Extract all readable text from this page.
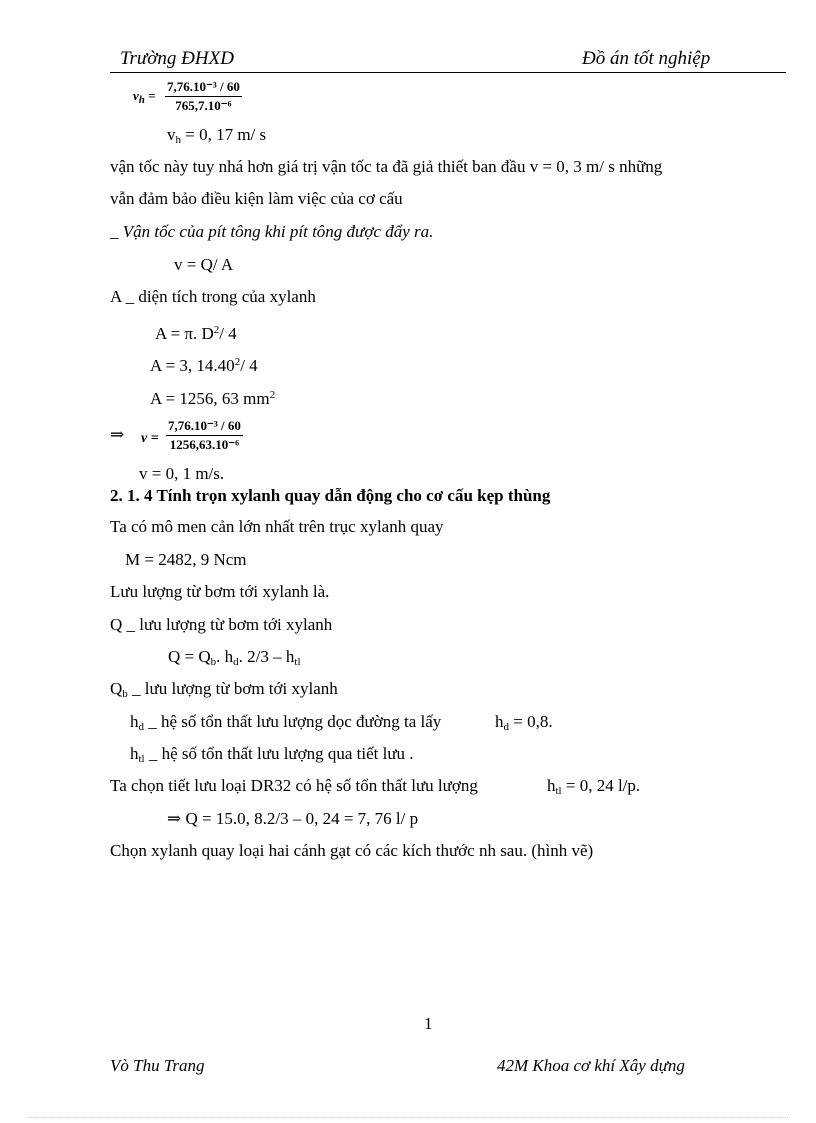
Trường ĐHXD	Đồ án tốt nghiệp
$v_h$ =
7,76.10⁻³ / 60
765,7.10⁻⁶
$v_h = 0$, 17 m/ s
vận tốc này tuy nhá hơn giá trị vận tốc ta đã giả thiết ban đầu v = 0, 3 m/ s những
vẫn đảm bảo điều kiện làm việc của cơ cấu
_ Vận tốc của pít tông khi pít tông được đẩy ra.
v = Q/ A
A _ diện tích trong của xylanh
A = π. $D^2/$ 4
A = 3, 14.40$^2$/ 4
A = 1256, 63 $mm^2$
⇒ v =
7,76.10⁻³ / 60
1256,63.10⁻⁶
v = 0, 1 m/s.
2. 1. 4 Tính trọn xylanh quay dẫn động cho cơ cấu kẹp thùng
Ta có mô men cản lớn nhất trên trục xylanh quay
M = 2482, 9 Ncm
Lưu lượng từ bơm tới xylanh là.
Q _ lưu lượng từ bơm tới xylanh
$Q = Q_b$. $h_d$. $2/3 - h_{tl}$
$Q_b$ _ lưu lượng từ bơm tới xylanh
$h_d$ _ hệ số tổn thất lưu lượng dọc đường ta lấy	$h_d = 0,8$.
$h_{tl}$ _ hệ số tổn thất lưu lượng qua tiết lưu .
Ta chọn tiết lưu loại DR32 có hệ số tổn thất lưu lượng	$h_{tl} = 0$, 24 l/p.
⇒ Q = 15.0, 8.2/3 – 0, 24 = 7, 76 l/ p
Chọn xylanh quay loại hai cánh gạt có các kích thước nh sau. (hình vẽ)
1
Vò Thu Trang	42M Khoa cơ khí Xây dựng
